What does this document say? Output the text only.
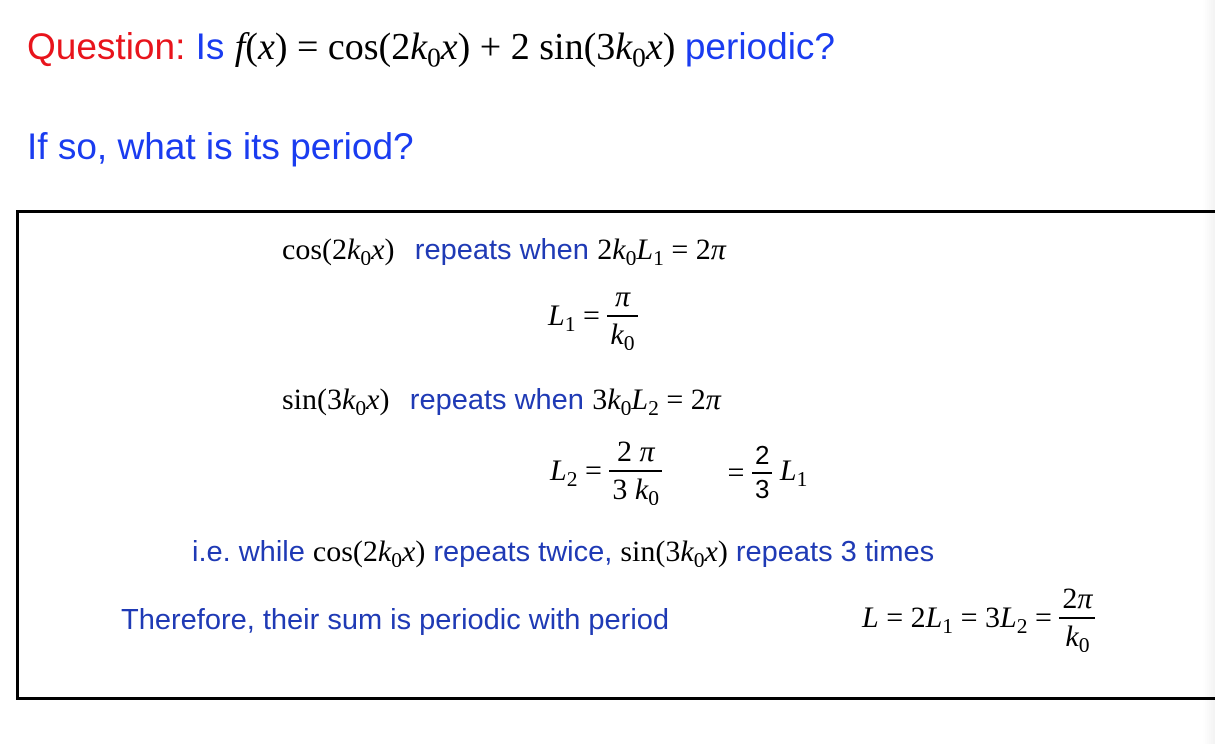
Question: Is $f(x) = \cos(2k_0x) + 2$ $\sin(3k_0x)$ periodic?
If so, what is its period?
$\cos(2k_0x)$ repeats when $2k_0L_1 = 2\pi$
$L_1 = \frac{\pi}{k_0}$
$\sin(3k_0x)$ repeats when $3k_0L_2 = 2\pi$
$L_2 = \frac{2 \pi}{3 k_0} = \frac{2}{3} L_1$
i.e. while $\cos(2k_0x)$ repeats twice, $\sin(3k_0x)$ repeats 3 times
Therefore, their sum is periodic with period	$L = 2L_1 = 3L_2 = \frac{2\pi}{k_0}$
